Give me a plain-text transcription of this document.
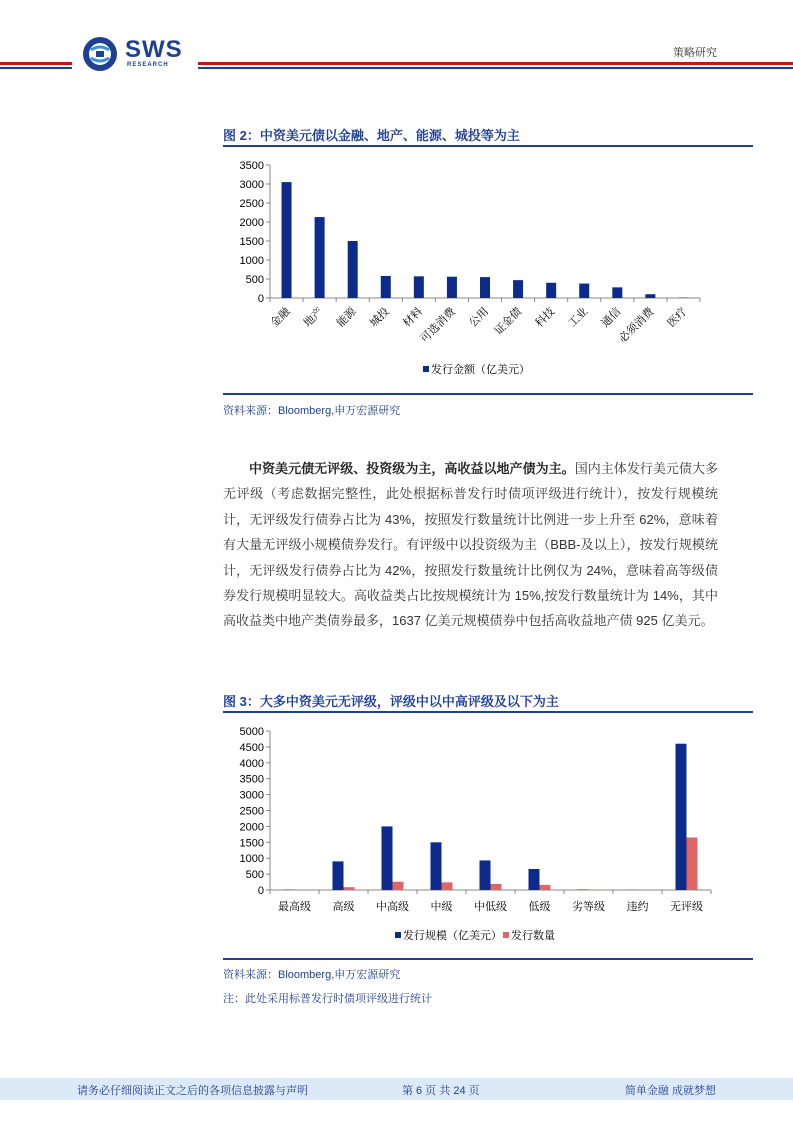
SWS
RESEARCH
策略研究
图 2：中资美元债以金融、地产、能源、城投等为主
0
500
1000
1500
2000
2500
3000
3500
金融 地产 能源 城投 材料
可选消费 公用 证金债 科技 工业 通信
必须消费 医疗
发行金额（亿美元）
资料来源：Bloomberg,申万宏源研究
中资美元债无评级、投资级为主，高收益以地产债为主。国内主体发行美元债大多无评级（考虑数据完整性，此处根据标普发行时债项评级进行统计），按发行规模统计，无评级发行债券占比为 43%，按照发行数量统计比例进一步上升至 62%，意味着有大量无评级小规模债券发行。有评级中以投资级为主（BBB-及以上），按发行规模统计，无评级发行债券占比为 42%，按照发行数量统计比例仅为 24%，意味着高等级债券发行规模明显较大。高收益类占比按规模统计为 15%,按发行数量统计为 14%，其中高收益类中地产类债券最多，1637 亿美元规模债券中包括高收益地产债 925 亿美元。
图 3：大多中资美元无评级，评级中以中高评级及以下为主
0
500
1000
1500
2000
2500
3000
3500
4000
4500
5000
最高级 高级 中高级 中级 中低级 低级 劣等级 违约 无评级
发行规模（亿美元） 发行数量
资料来源：Bloomberg,申万宏源研究
注：此处采用标普发行时债项评级进行统计
请务必仔细阅读正文之后的各项信息披露与声明	第 6 页 共 24 页	简单金融 成就梦想
